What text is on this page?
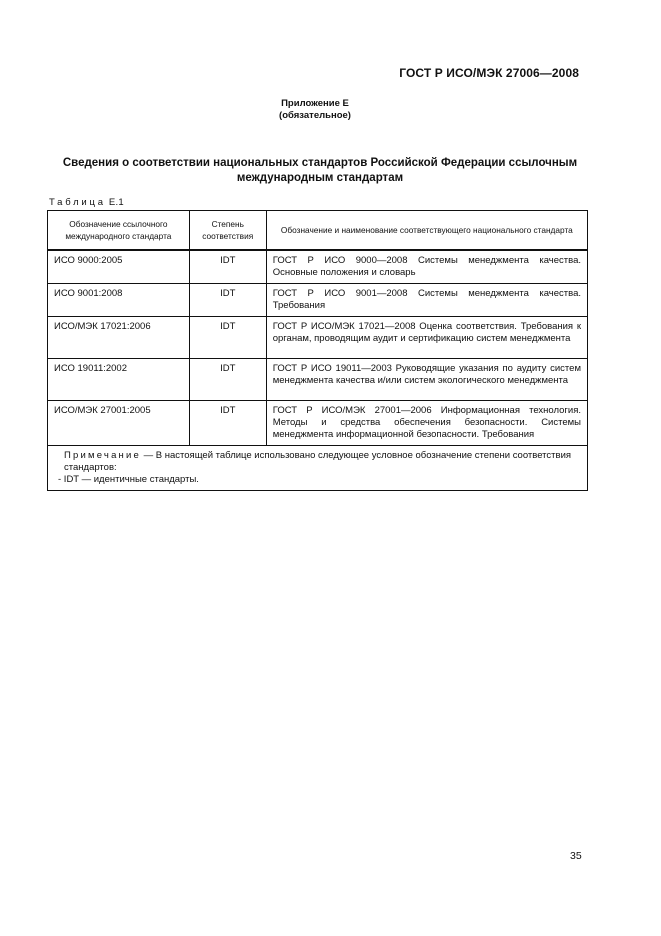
ГОСТ Р ИСО/МЭК 27006—2008
Приложение Е
(обязательное)
Сведения о соответствии национальных стандартов Российской Федерации ссылочным
международным стандартам
Таблица Е.1
Обозначение ссылочного международного стандарта	Степень соответствия	Обозначение и наименование соответствующего национального стандарта
ИСО 9000:2005	IDT	ГОСТ Р ИСО 9000—2008 Системы менеджмента качества. Основные положения и словарь
ИСО 9001:2008	IDT	ГОСТ Р ИСО 9001—2008 Системы менеджмента качества. Требования
ИСО/МЭК 17021:2006	IDT	ГОСТ Р ИСО/МЭК 17021—2008 Оценка соответствия. Требования к органам, проводящим аудит и сертификацию систем менеджмента
ИСО 19011:2002	IDT	ГОСТ Р ИСО 19011—2003 Руководящие указания по аудиту систем менеджмента качества и/или систем экологического менеджмента
ИСО/МЭК 27001:2005	IDT	ГОСТ Р ИСО/МЭК 27001—2006 Информационная технология. Методы и средства обеспечения безопасности. Системы менеджмента информационной безопасности. Требования

Примечание — В настоящей таблице использовано следующее условное обозначение степени соответствия стандартов:
- IDT — идентичные стандарты.		
35
